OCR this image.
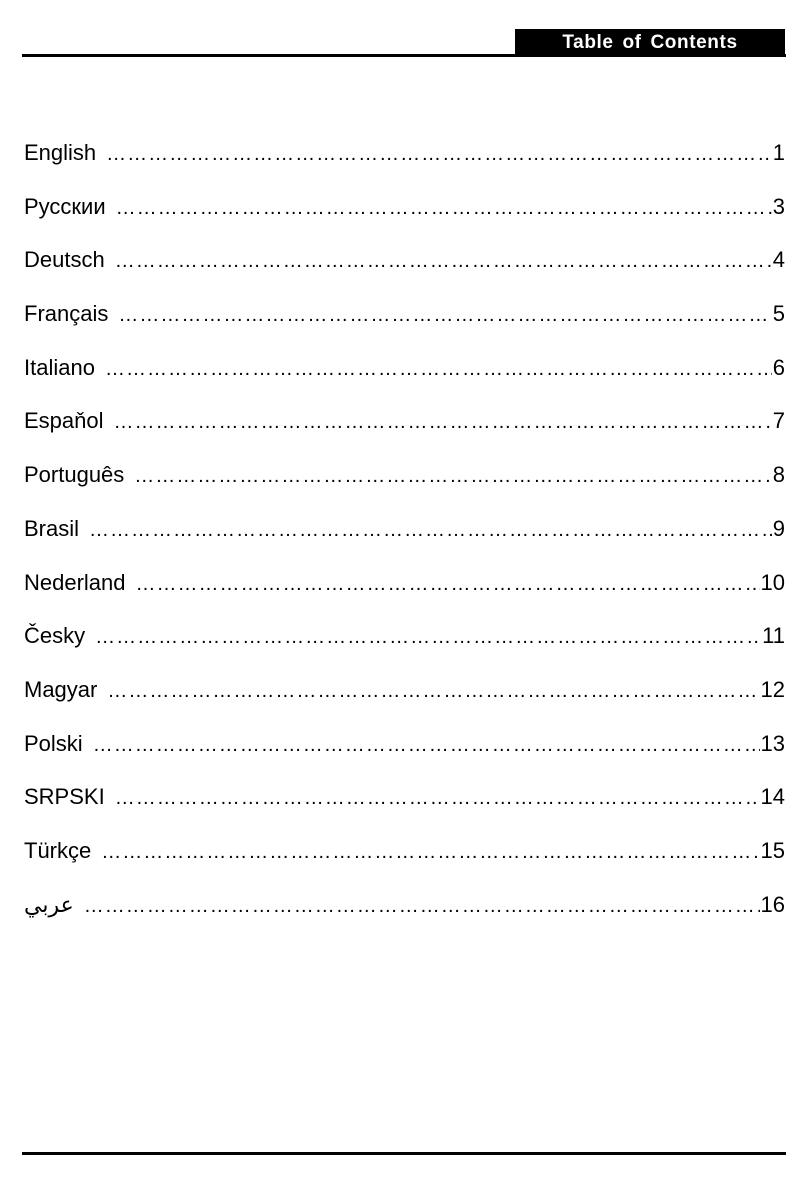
Table of Contents
English ……………………………………………………………………………………………………………………………………	1
Русскии ……………………………………………………………………………………………………………………………………	3
Deutsch ……………………………………………………………………………………………………………………………………	4
Français ……………………………………………………………………………………………………………………………………	5
Italiano ……………………………………………………………………………………………………………………………………	6
Espaňol ……………………………………………………………………………………………………………………………………	7
Português ……………………………………………………………………………………………………………………………………	8
Brasil ……………………………………………………………………………………………………………………………………	9
Nederland ……………………………………………………………………………………………………………………………………	10
Česky ……………………………………………………………………………………………………………………………………	11
Magyar ……………………………………………………………………………………………………………………………………	12
Polski ……………………………………………………………………………………………………………………………………	13
SRPSKI ……………………………………………………………………………………………………………………………………	14
Türkçe ……………………………………………………………………………………………………………………………………	15
عربي ……………………………………………………………………………………………………………………………………	16
